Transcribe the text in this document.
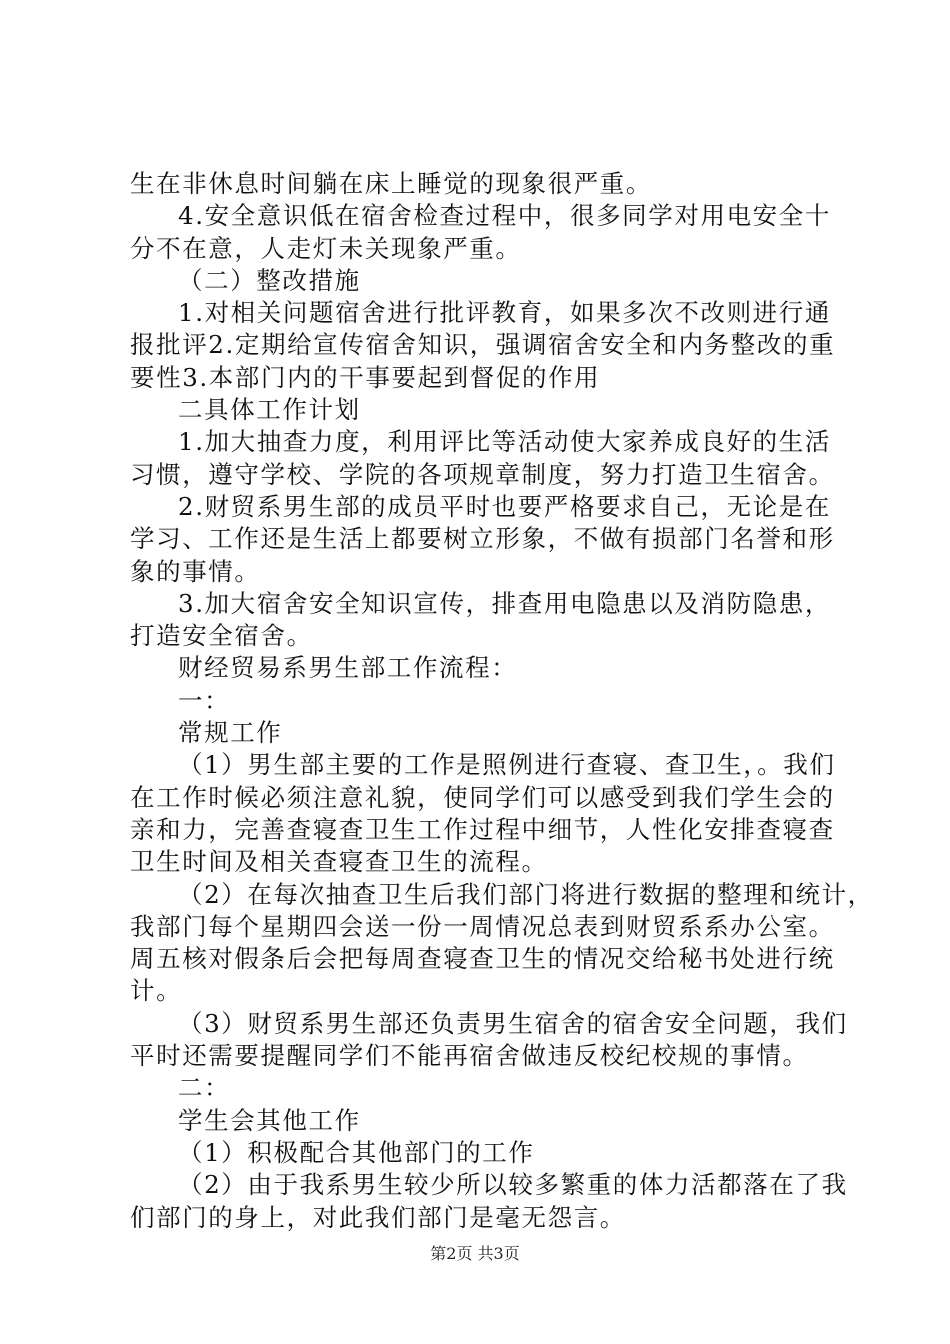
生在非休息时间躺在床上睡觉的现象很严重。
4.安全意识低在宿舍检查过程中，很多同学对用电安全十
分不在意，人走灯未关现象严重。
（二）整改措施
1.对相关问题宿舍进行批评教育，如果多次不改则进行通
报批评2.定期给宣传宿舍知识，强调宿舍安全和内务整改的重
要性3.本部门内的干事要起到督促的作用
二具体工作计划
1.加大抽查力度，利用评比等活动使大家养成良好的生活
习惯，遵守学校、学院的各项规章制度，努力打造卫生宿舍。
2.财贸系男生部的成员平时也要严格要求自己，无论是在
学习、工作还是生活上都要树立形象，不做有损部门名誉和形
象的事情。
3.加大宿舍安全知识宣传，排查用电隐患以及消防隐患，
打造安全宿舍。
财经贸易系男生部工作流程：
一：
常规工作
（1）男生部主要的工作是照例进行查寝、查卫生，。我们
在工作时候必须注意礼貌，使同学们可以感受到我们学生会的
亲和力，完善查寝查卫生工作过程中细节，人性化安排查寝查
卫生时间及相关查寝查卫生的流程。
（2）在每次抽查卫生后我们部门将进行数据的整理和统计，
我部门每个星期四会送一份一周情况总表到财贸系系办公室。
周五核对假条后会把每周查寝查卫生的情况交给秘书处进行统
计。
（3）财贸系男生部还负责男生宿舍的宿舍安全问题，我们
平时还需要提醒同学们不能再宿舍做违反校纪校规的事情。
二：
学生会其他工作
（1）积极配合其他部门的工作
（2）由于我系男生较少所以较多繁重的体力活都落在了我
们部门的身上，对此我们部门是毫无怨言。
第2页 共3页
